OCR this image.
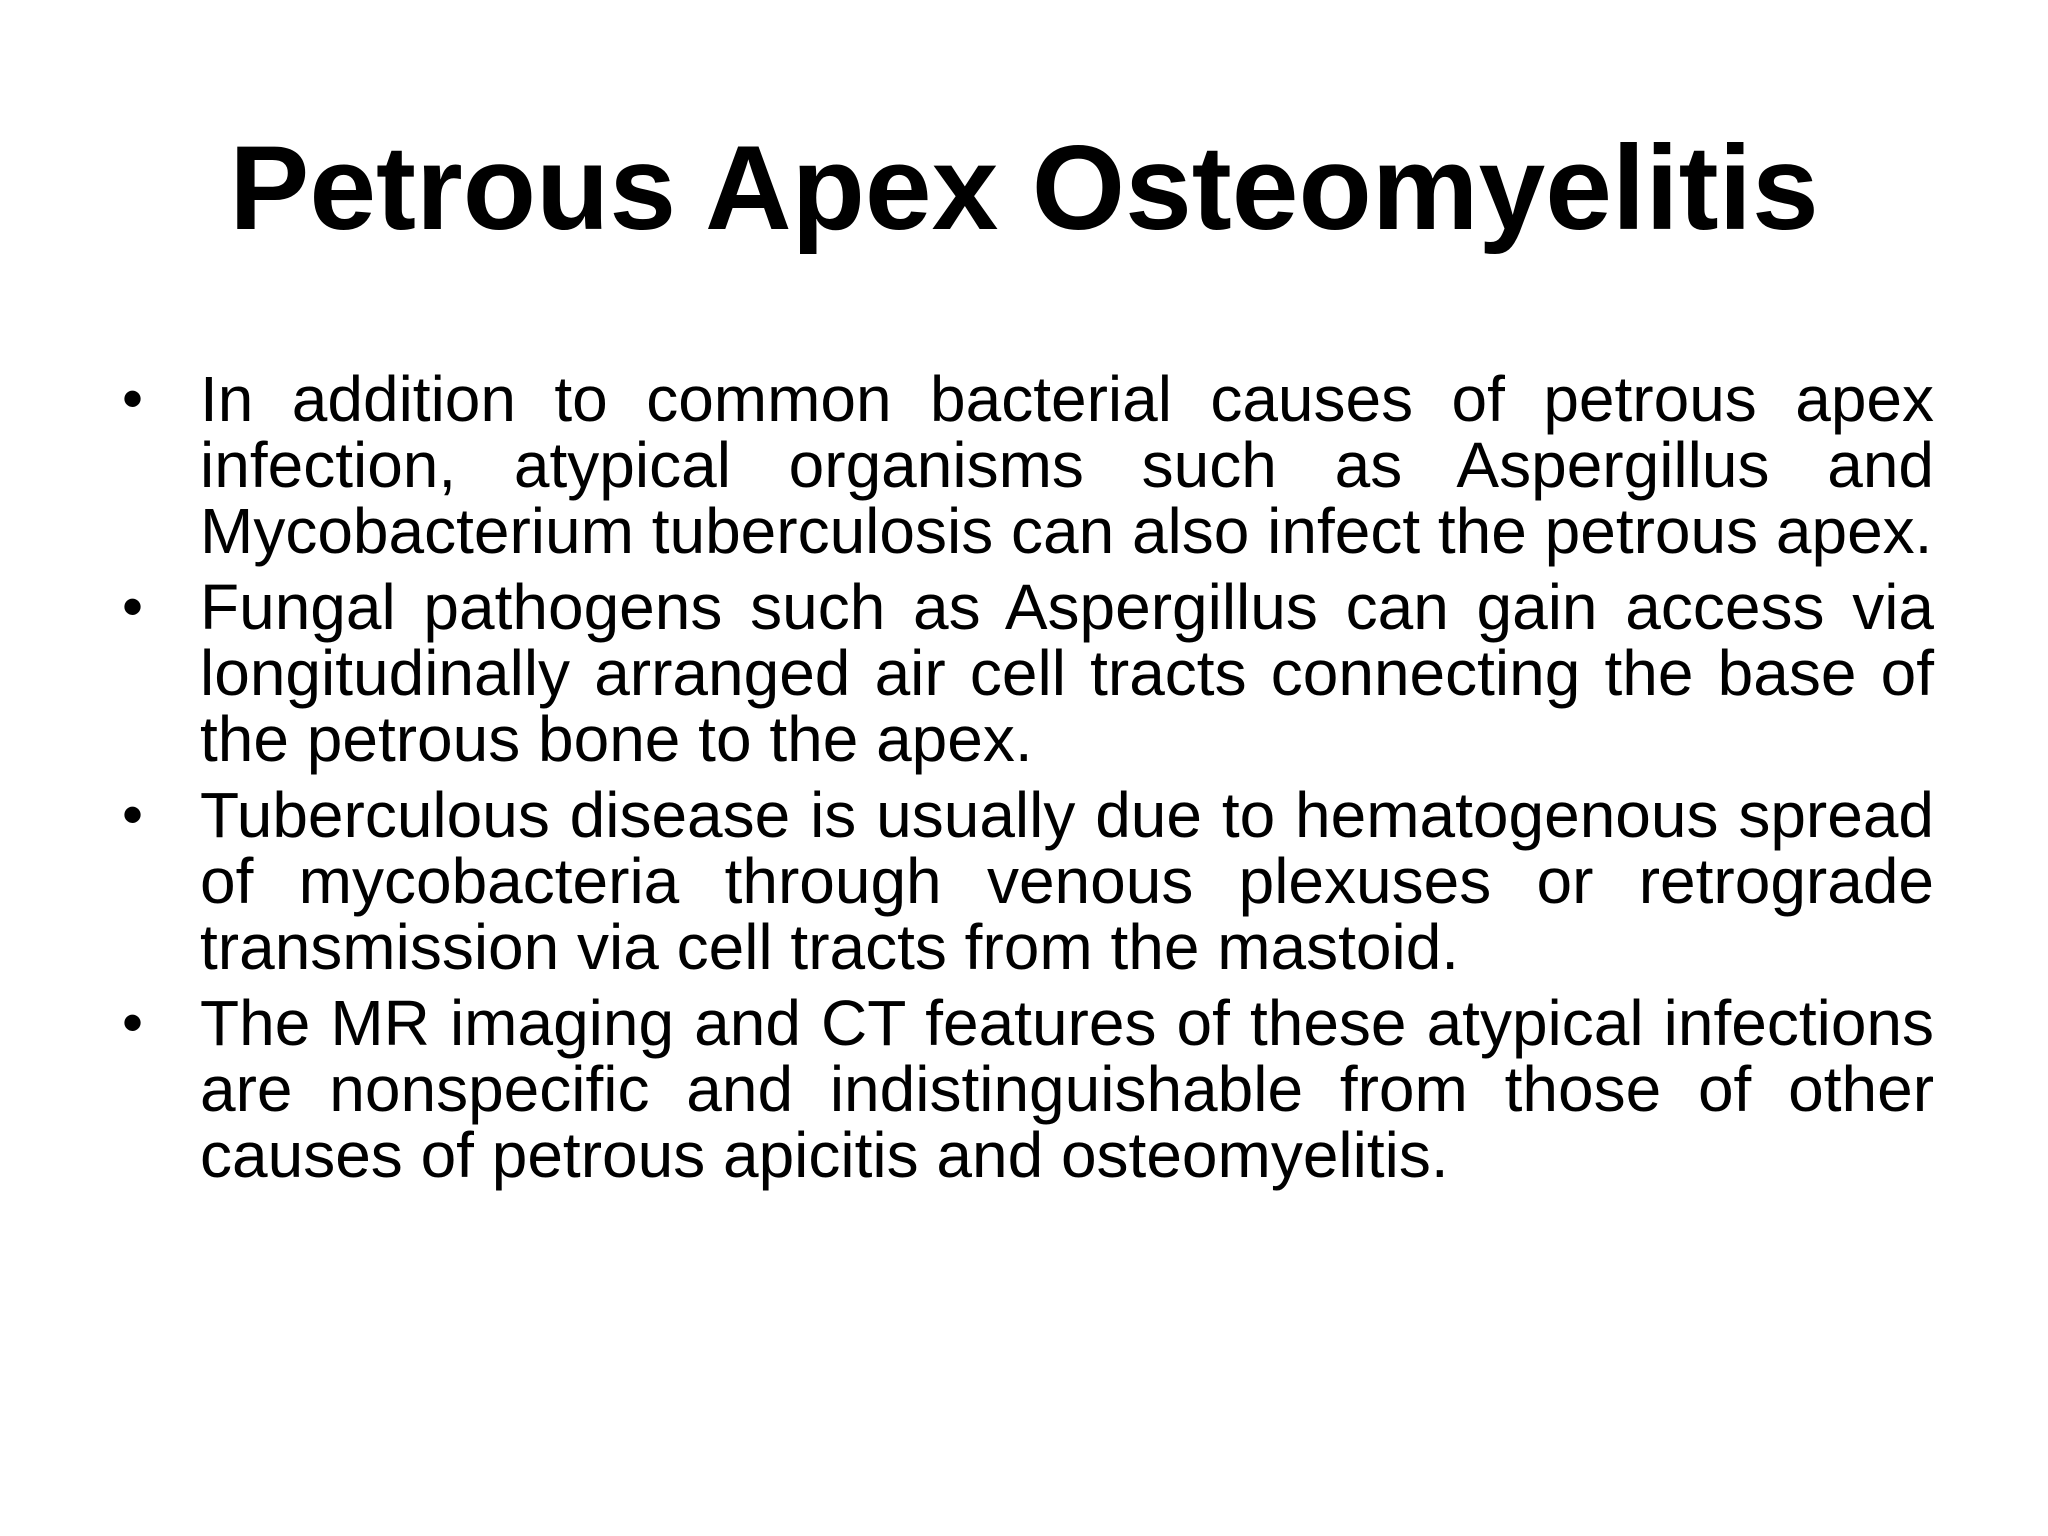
Petrous Apex Osteomyelitis
• In addition to common bacterial causes of petrous apex infection, atypical organisms such as Aspergillus and Mycobacterium tuberculosis can also infect the petrous apex.
• Fungal pathogens such as Aspergillus can gain access via longitudinally arranged air cell tracts connecting the base of the petrous bone to the apex.
• Tuberculous disease is usually due to hematogenous spread of mycobacteria through venous plexuses or retrograde transmission via cell tracts from the mastoid.
• The MR imaging and CT features of these atypical infections are nonspecific and indistinguishable from those of other causes of petrous apicitis and osteomyelitis.
